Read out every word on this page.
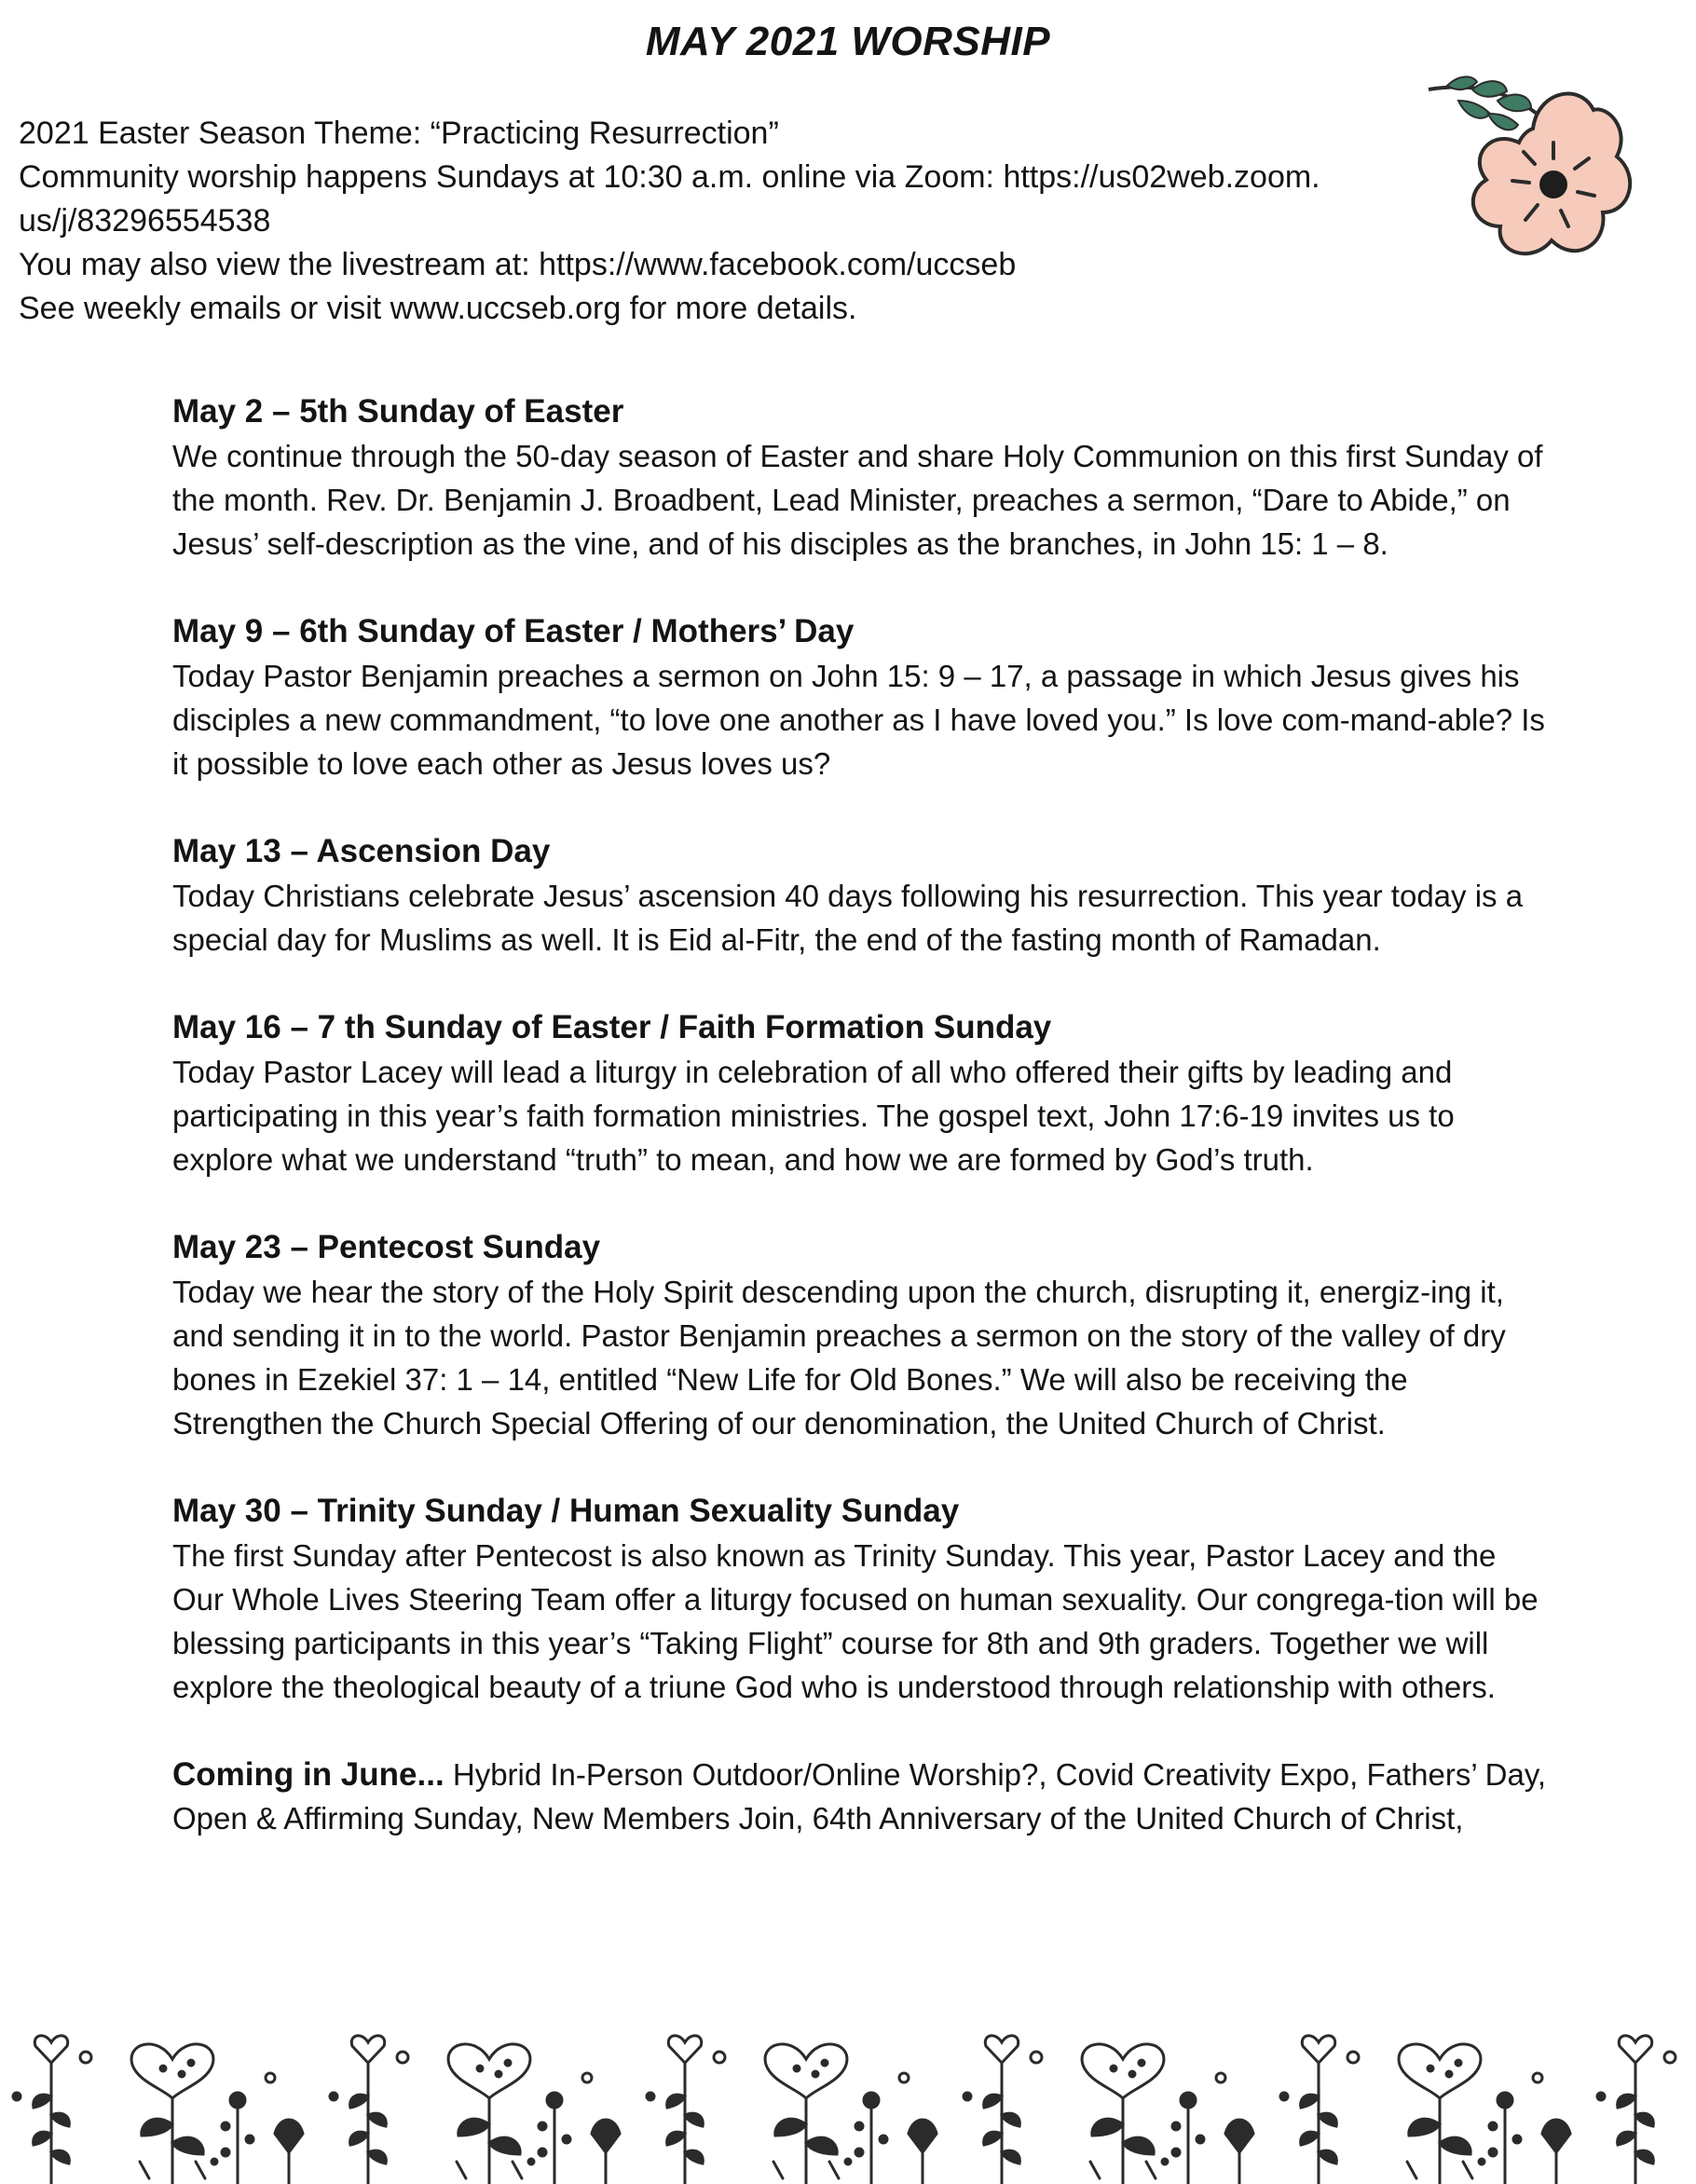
MAY 2021 WORSHIP
2021 Easter Season Theme: “Practicing Resurrection”
Community worship happens Sundays at 10:30 a.m. online via Zoom: https://us02web.zoom.
us/j/83296554538
You may also view the livestream at: https://www.facebook.com/uccseb
See weekly emails or visit www.uccseb.org for more details.
May 2 – 5th Sunday of Easter
We continue through the 50-day season of Easter and share Holy Communion on this first Sunday of the month. Rev. Dr. Benjamin J. Broadbent, Lead Minister, preaches a sermon, “Dare to Abide,” on Jesus’ self-description as the vine, and of his disciples as the branches, in John 15: 1 – 8.
May 9 – 6th Sunday of Easter / Mothers’ Day
Today Pastor Benjamin preaches a sermon on John 15: 9 – 17, a passage in which Jesus gives his disciples a new commandment, “to love one another as I have loved you.” Is love com-mand-able? Is it possible to love each other as Jesus loves us?
May 13 – Ascension Day
Today Christians celebrate Jesus’ ascension 40 days following his resurrection. This year today is a special day for Muslims as well. It is Eid al-Fitr, the end of the fasting month of Ramadan.
May 16 – 7 th Sunday of Easter / Faith Formation Sunday
Today Pastor Lacey will lead a liturgy in celebration of all who offered their gifts by leading and participating in this year’s faith formation ministries. The gospel text, John 17:6-19 invites us to explore what we understand “truth” to mean, and how we are formed by God’s truth.
May 23 – Pentecost Sunday
Today we hear the story of the Holy Spirit descending upon the church, disrupting it, energiz-ing it, and sending it in to the world. Pastor Benjamin preaches a sermon on the story of the valley of dry bones in Ezekiel 37: 1 – 14, entitled “New Life for Old Bones.” We will also be receiving the Strengthen the Church Special Offering of our denomination, the United Church of Christ.
May 30 – Trinity Sunday / Human Sexuality Sunday
The first Sunday after Pentecost is also known as Trinity Sunday. This year, Pastor Lacey and the Our Whole Lives Steering Team offer a liturgy focused on human sexuality. Our congrega-tion will be blessing participants in this year’s “Taking Flight” course for 8th and 9th graders. Together we will explore the theological beauty of a triune God who is understood through relationship with others.
Coming in June... Hybrid In-Person Outdoor/Online Worship?, Covid Creativity Expo, Fathers’ Day, Open & Affirming Sunday, New Members Join, 64th Anniversary of the United Church of Christ,
